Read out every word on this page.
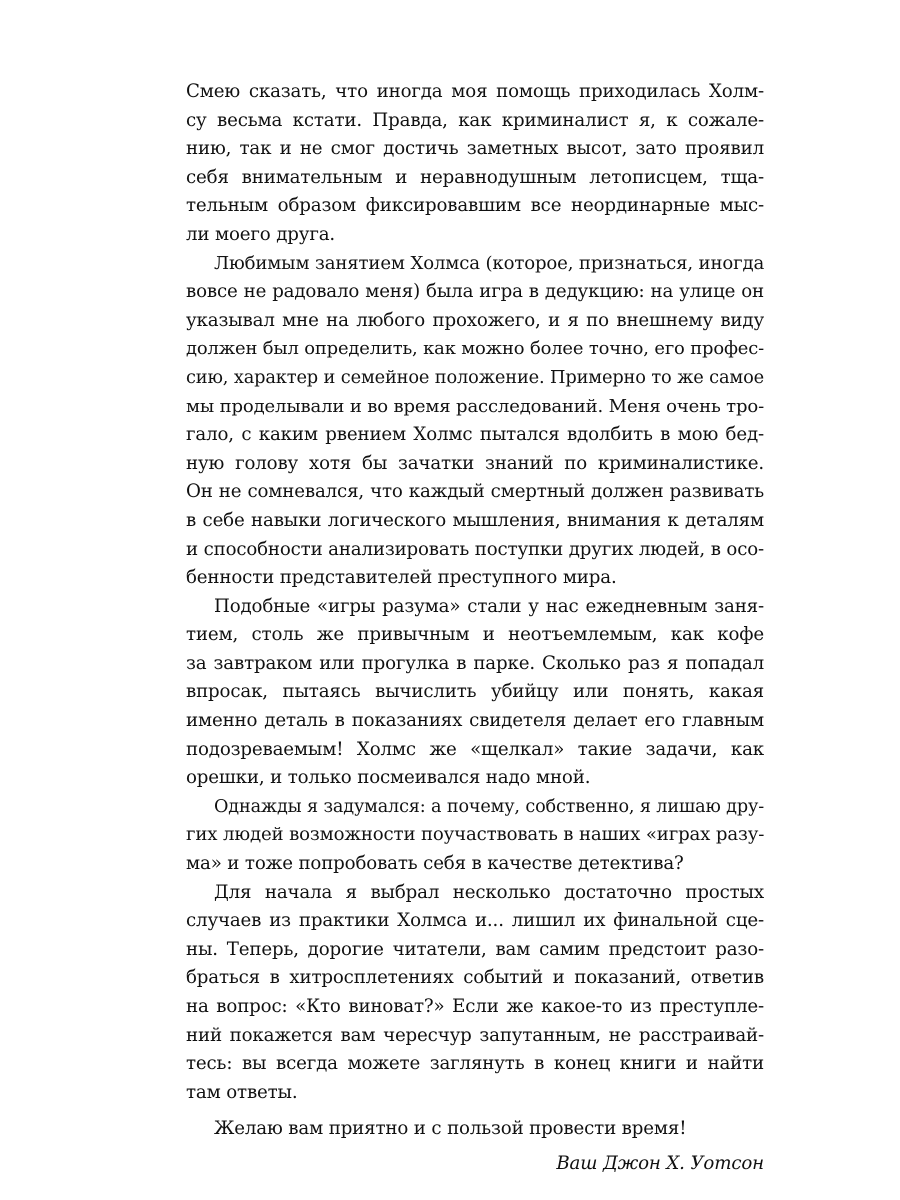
Смею сказать, что иногда моя помощь приходилась Холм-
су весьма кстати. Правда, как криминалист я, к сожале-
нию, так и не смог достичь заметных высот, зато проявил
себя внимательным и неравнодушным летописцем, тща-
тельным образом фиксировавшим все неординарные мыс-
ли моего друга.
Любимым занятием Холмса (которое, признаться, иногда
вовсе не радовало меня) была игра в дедукцию: на улице он
указывал мне на любого прохожего, и я по внешнему виду
должен был определить, как можно более точно, его профес-
сию, характер и семейное положение. Примерно то же самое
мы проделывали и во время расследований. Меня очень тро-
гало, с каким рвением Холмс пытался вдолбить в мою бед-
ную голову хотя бы зачатки знаний по криминалистике.
Он не сомневался, что каждый смертный должен развивать
в себе навыки логического мышления, внимания к деталям
и способности анализировать поступки других людей, в осо-
бенности представителей преступного мира.
Подобные «игры разума» стали у нас ежедневным заня-
тием, столь же привычным и неотъемлемым, как кофе
за завтраком или прогулка в парке. Сколько раз я попадал
впросак, пытаясь вычислить убийцу или понять, какая
именно деталь в показаниях свидетеля делает его главным
подозреваемым! Холмс же «щелкал» такие задачи, как
орешки, и только посмеивался надо мной.
Однажды я задумался: а почему, собственно, я лишаю дру-
гих людей возможности поучаствовать в наших «играх разу-
ма» и тоже попробовать себя в качестве детектива?
Для начала я выбрал несколько достаточно простых
случаев из практики Холмса и... лишил их финальной сце-
ны. Теперь, дорогие читатели, вам самим предстоит разо-
браться в хитросплетениях событий и показаний, ответив
на вопрос: «Кто виноват?» Если же какое-то из преступле-
ний покажется вам чересчур запутанным, не расстраивай-
тесь: вы всегда можете заглянуть в конец книги и найти
там ответы.
Желаю вам приятно и с пользой провести время!
Ваш Джон Х. Уотсон
